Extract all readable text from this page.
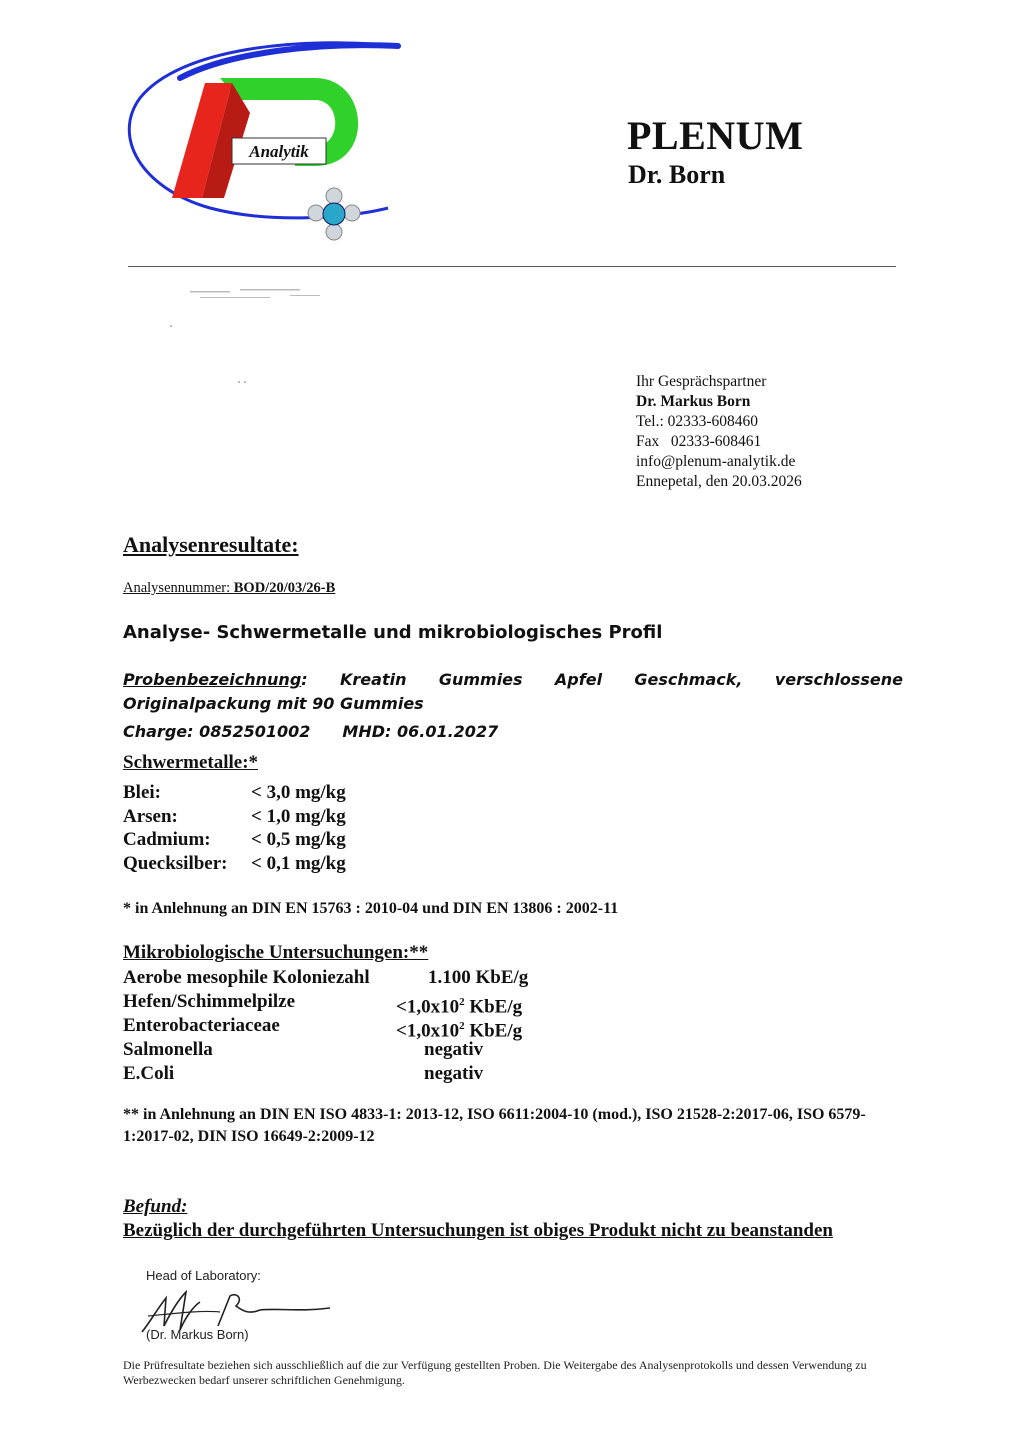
Analytik	PLENUM
Dr. Born
Ihr Gesprächspartner
Dr. Markus Born
Tel.: 02333-608460
Fax   02333-608461
info@plenum-analytik.de
Ennepetal, den 20.03.2026
Analysenresultate:
Analysennummer: BOD/20/03/26-B
Analyse- Schwermetalle und mikrobiologisches Profil
Probenbezeichnung: Kreatin Gummies Apfel Geschmack, verschlossene Originalpackung mit 90 Gummies
Charge: 0852501002 MHD: 06.01.2027
Schwermetalle:*
Blei:	< 3,0 mg/kg
Arsen:	< 1,0 mg/kg
Cadmium: < 0,5 mg/kg
Quecksilber: < 0,1 mg/kg
* in Anlehnung an DIN EN 15763 : 2010-04 und DIN EN 13806 : 2002-11
Mikrobiologische Untersuchungen:**
Aerobe mesophile Koloniezahl	1.100 KbE/g
Hefen/Schimmelpilze	$<1,0x10^2$ KbE/g
Enterobacteriaceae	$<1,0x10^2$ KbE/g
Salmonella	negativ
E.Coli	negativ
** in Anlehnung an DIN EN ISO 4833-1: 2013-12, ISO 6611:2004-10 (mod.), ISO 21528-2:2017-06, ISO 6579-1:2017-02, DIN ISO 16649-2:2009-12
Befund:
Bezüglich der durchgeführten Untersuchungen ist obiges Produkt nicht zu beanstanden
Head of Laboratory:
(Dr. Markus Born)
Die Prüfresultate beziehen sich ausschließlich auf die zur Verfügung gestellten Proben. Die Weitergabe des Analysenprotokolls und dessen Verwendung zu Werbezwecken bedarf unserer schriftlichen Genehmigung.
